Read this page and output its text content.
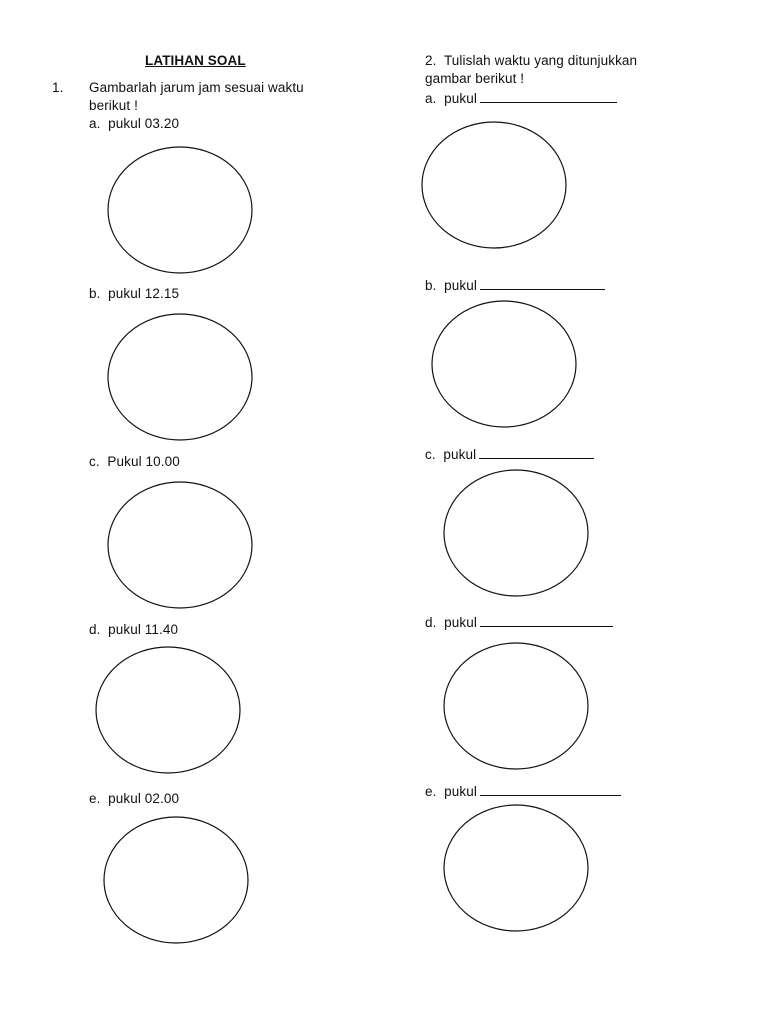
LATIHAN SOAL
1. Gambarlah jarum jam sesuai waktu
berikut !
a. pukul 03.20
b. pukul 12.15
c. Pukul 10.00
d. pukul 11.40
e. pukul 02.00
2. Tulislah waktu yang ditunjukkan
gambar berikut !
a. pukul
b. pukul
c. pukul
d. pukul
e. pukul
